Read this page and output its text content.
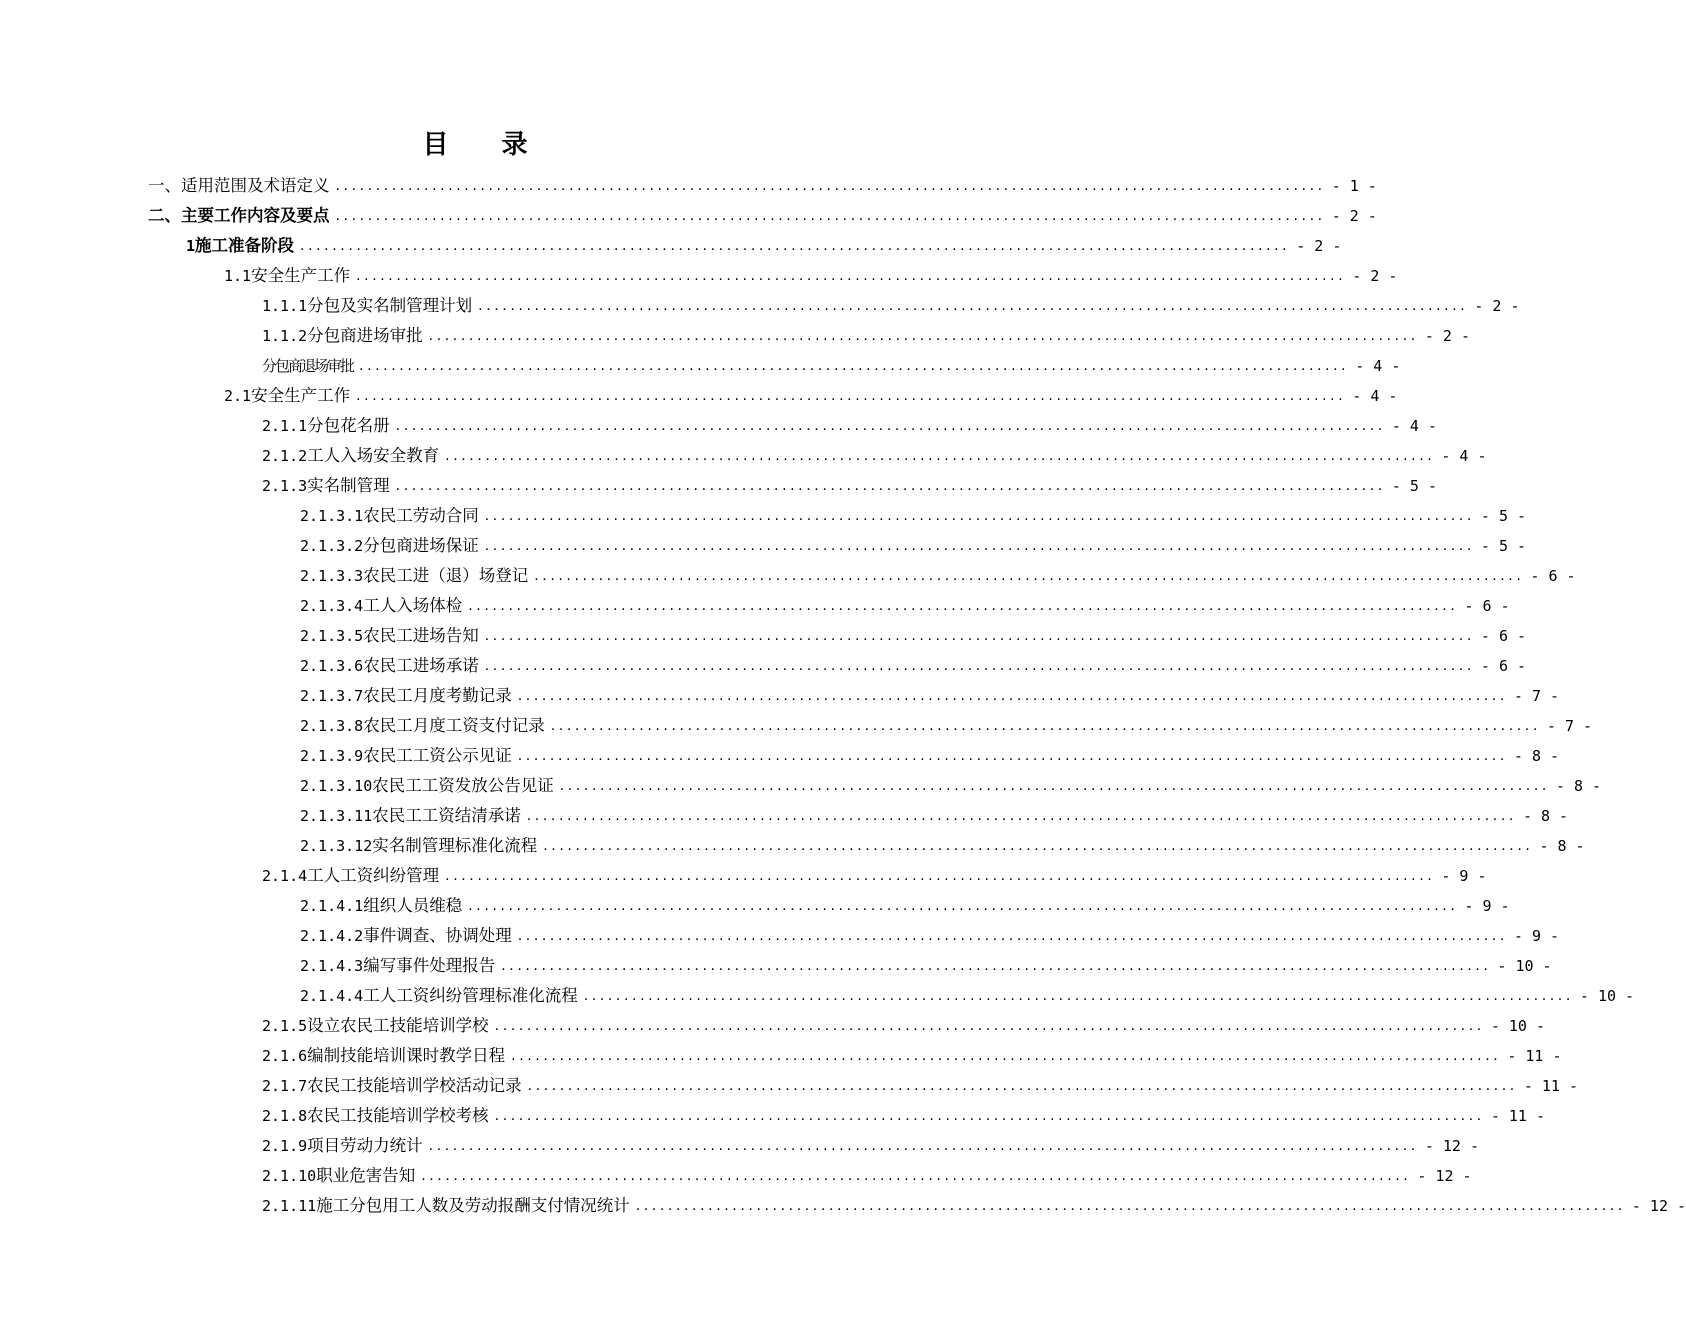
目 录
一、适用范围及术语定义 ........................................................................................................................... - 1 -
二、主要工作内容及要点 ........................................................................................................................... - 2 -
1 施工准备阶段 ........................................................................................................................... - 2 -
1.1 安全生产工作 ........................................................................................................................... - 2 -
1.1.1 分包及实名制管理计划 ........................................................................................................................... - 2 -
1.1.2 分包商进场审批 ........................................................................................................................... - 2 -
分包商退场审批 ........................................................................................................................... - 4 -
2.1 安全生产工作 ........................................................................................................................... - 4 -
2.1.1 分包花名册 ........................................................................................................................... - 4 -
2.1.2 工人入场安全教育 ........................................................................................................................... - 4 -
2.1.3 实名制管理 ........................................................................................................................... - 5 -
2.1.3.1 农民工劳动合同 ........................................................................................................................... - 5 -
2.1.3.2 分包商进场保证 ........................................................................................................................... - 5 -
2.1.3.3 农民工进（退）场登记 ........................................................................................................................... - 6 -
2.1.3.4 工人入场体检 ........................................................................................................................... - 6 -
2.1.3.5 农民工进场告知 ........................................................................................................................... - 6 -
2.1.3.6 农民工进场承诺 ........................................................................................................................... - 6 -
2.1.3.7 农民工月度考勤记录 ........................................................................................................................... - 7 -
2.1.3.8 农民工月度工资支付记录 ........................................................................................................................... - 7 -
2.1.3.9 农民工工资公示见证 ........................................................................................................................... - 8 -
2.1.3.10 农民工工资发放公告见证 ........................................................................................................................... - 8 -
2.1.3.11 农民工工资结清承诺 ........................................................................................................................... - 8 -
2.1.3.12 实名制管理标准化流程 ........................................................................................................................... - 8 -
2.1.4 工人工资纠纷管理 ........................................................................................................................... - 9 -
2.1.4.1 组织人员维稳 ........................................................................................................................... - 9 -
2.1.4.2 事件调查、协调处理 ........................................................................................................................... - 9 -
2.1.4.3 编写事件处理报告 ........................................................................................................................... - 10 -
2.1.4.4 工人工资纠纷管理标准化流程 ........................................................................................................................... - 10 -
2.1.5 设立农民工技能培训学校 ........................................................................................................................... - 10 -
2.1.6 编制技能培训课时教学日程 ........................................................................................................................... - 11 -
2.1.7 农民工技能培训学校活动记录 ........................................................................................................................... - 11 -
2.1.8 农民工技能培训学校考核 ........................................................................................................................... - 11 -
2.1.9 项目劳动力统计 ........................................................................................................................... - 12 -
2.1.10 职业危害告知 ........................................................................................................................... - 12 -
2.1.11 施工分包用工人数及劳动报酬支付情况统计 ........................................................................................................................... - 12 -
